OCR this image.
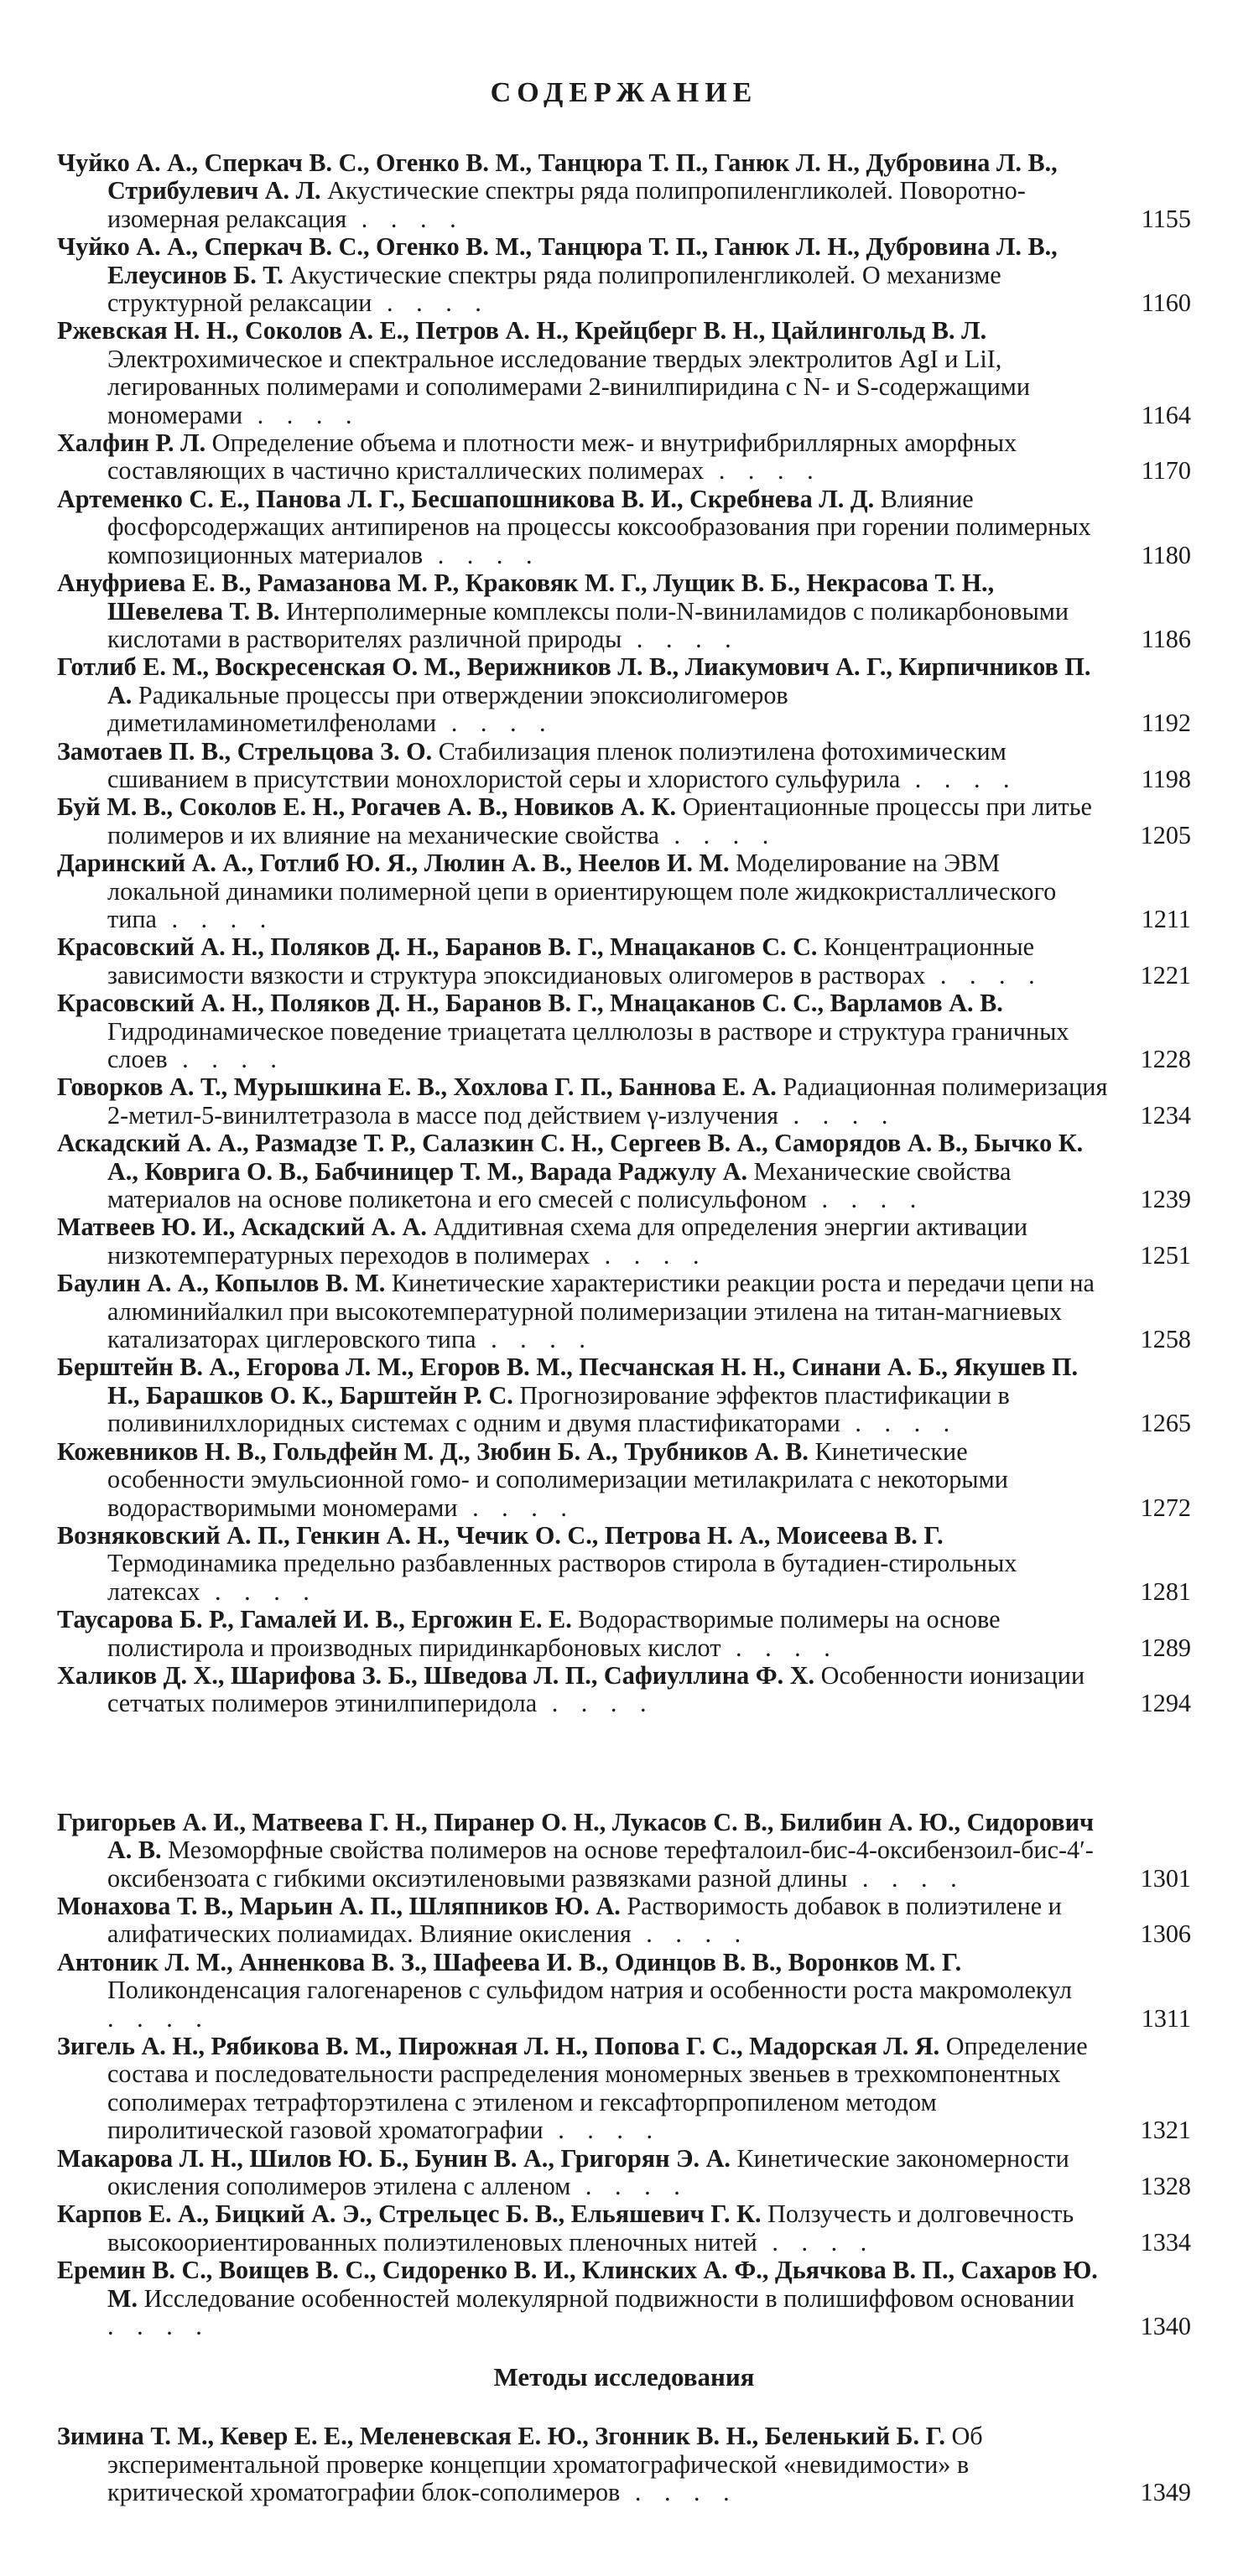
СОДЕРЖАНИЕ
Чуйко А. А., Сперкач В. С., Огенко В. М., Танцюра Т. П., Ганюк Л. Н., Дубровина Л. В., Стрибулевич А. Л. Акустические спектры ряда полипропиленгликолей. Поворотно-изомерная релаксация . . . .	1155
Чуйко А. А., Сперкач В. С., Огенко В. М., Танцюра Т. П., Ганюк Л. Н., Дубровина Л. В., Елеусинов Б. Т. Акустические спектры ряда полипропиленгликолей. О механизме структурной релаксации . . . .	1160
Ржевская Н. Н., Соколов А. Е., Петров А. Н., Крейцберг В. Н., Цайлингольд В. Л. Электрохимическое и спектральное исследование твердых электролитов AgI и LiI, легированных полимерами и сополимерами 2-винилпиридина с N- и S-содержащими мономерами . . . .	1164
Халфин Р. Л. Определение объема и плотности меж- и внутрифибриллярных аморфных составляющих в частично кристаллических полимерах . . . .	1170
Артеменко С. Е., Панова Л. Г., Бесшапошникова В. И., Скребнева Л. Д. Влияние фосфорсодержащих антипиренов на процессы коксообразования при горении полимерных композиционных материалов . . . .	1180
Ануфриева Е. В., Рамазанова М. Р., Краковяк М. Г., Лущик В. Б., Некрасова Т. Н., Шевелева Т. В. Интерполимерные комплексы поли-N-виниламидов с поликарбоновыми кислотами в растворителях различной природы . . . .	1186
Готлиб Е. М., Воскресенская О. М., Верижников Л. В., Лиакумович А. Г., Кирпичников П. А. Радикальные процессы при отверждении эпоксиолигомеров диметиламинометилфенолами . . . .	1192
Замотаев П. В., Стрельцова З. О. Стабилизация пленок полиэтилена фотохимическим сшиванием в присутствии монохлористой серы и хлористого сульфурила . . . .	1198
Буй М. В., Соколов Е. Н., Рогачев А. В., Новиков А. К. Ориентационные процессы при литье полимеров и их влияние на механические свойства . . . .	1205
Даринский А. А., Готлиб Ю. Я., Люлин А. В., Неелов И. М. Моделирование на ЭВМ локальной динамики полимерной цепи в ориентирующем поле жидкокристаллического типа . . . .	1211
Красовский А. Н., Поляков Д. Н., Баранов В. Г., Мнацаканов С. С. Концентрационные зависимости вязкости и структура эпоксидиановых олигомеров в растворах . . . .	1221
Красовский А. Н., Поляков Д. Н., Баранов В. Г., Мнацаканов С. С., Варламов А. В. Гидродинамическое поведение триацетата целлюлозы в растворе и структура граничных слоев . . . .	1228
Говорков А. Т., Мурышкина Е. В., Хохлова Г. П., Баннова Е. А. Радиационная полимеризация 2-метил-5-винилтетразола в массе под действием γ-излучения . . . .	1234
Аскадский А. А., Размадзе Т. Р., Салазкин С. Н., Сергеев В. А., Саморядов А. В., Бычко К. А., Коврига О. В., Бабчиницер Т. М., Варада Раджулу А. Механические свойства материалов на основе поликетона и его смесей с полисульфоном . . . .	1239
Матвеев Ю. И., Аскадский А. А. Аддитивная схема для определения энергии активации низкотемпературных переходов в полимерах . . . .	1251
Баулин А. А., Копылов В. М. Кинетические характеристики реакции роста и передачи цепи на алюминийалкил при высокотемпературной полимеризации этилена на титан-магниевых катализаторах циглеровского типа . . . .	1258
Берштейн В. А., Егорова Л. М., Егоров В. М., Песчанская Н. Н., Синани А. Б., Якушев П. Н., Барашков О. К., Барштейн Р. С. Прогнозирование эффектов пластификации в поливинилхлоридных системах с одним и двумя пластификаторами . . . .	1265
Кожевников Н. В., Гольдфейн М. Д., Зюбин Б. А., Трубников А. В. Кинетические особенности эмульсионной гомо- и сополимеризации метилакрилата с некоторыми водорастворимыми мономерами . . . .	1272
Возняковский А. П., Генкин А. Н., Чечик О. С., Петрова Н. А., Моисеева В. Г. Термодинамика предельно разбавленных растворов стирола в бутадиен-стирольных латексах . . . .	1281
Таусарова Б. Р., Гамалей И. В., Ергожин Е. Е. Водорастворимые полимеры на основе полистирола и производных пиридинкарбоновых кислот . . . .	1289
Халиков Д. Х., Шарифова З. Б., Шведова Л. П., Сафиуллина Ф. Х. Особенности ионизации сетчатых полимеров этинилпиперидола . . . .	1294
Григорьев А. И., Матвеева Г. Н., Пиранер О. Н., Лукасов С. В., Билибин А. Ю., Сидорович А. В. Мезоморфные свойства полимеров на основе терефталоил-бис-4-оксибензоил-бис-4′-оксибензоата с гибкими оксиэтиленовыми развязками разной длины . . . .	1301
Монахова Т. В., Марьин А. П., Шляпников Ю. А. Растворимость добавок в полиэтилене и алифатических полиамидах. Влияние окисления . . . .	1306
Антоник Л. М., Анненкова В. З., Шафеева И. В., Одинцов В. В., Воронков М. Г. Поликонденсация галогенаренов с сульфидом натрия и особенности роста макромолекул . . . .	1311
Зигель А. Н., Рябикова В. М., Пирожная Л. Н., Попова Г. С., Мадорская Л. Я. Определение состава и последовательности распределения мономерных звеньев в трехкомпонентных сополимерах тетрафторэтилена с этиленом и гексафторпропиленом методом пиролитической газовой хроматографии . . . .	1321
Макарова Л. Н., Шилов Ю. Б., Бунин В. А., Григорян Э. А. Кинетические закономерности окисления сополимеров этилена с алленом . . . .	1328
Карпов Е. А., Бицкий А. Э., Стрельцес Б. В., Ельяшевич Г. К. Ползучесть и долговечность высокоориентированных полиэтиленовых пленочных нитей . . . .	1334
Еремин В. С., Воищев В. С., Сидоренко В. И., Клинских А. Ф., Дьячкова В. П., Сахаров Ю. М. Исследование особенностей молекулярной подвижности в полишиффовом основании . . . .	1340
Методы исследования
Зимина Т. М., Кевер Е. Е., Меленевская Е. Ю., Згонник В. Н., Беленький Б. Г. Об экспериментальной проверке концепции хроматографической «невидимости» в критической хроматографии блок-сополимеров . . . .	1349
